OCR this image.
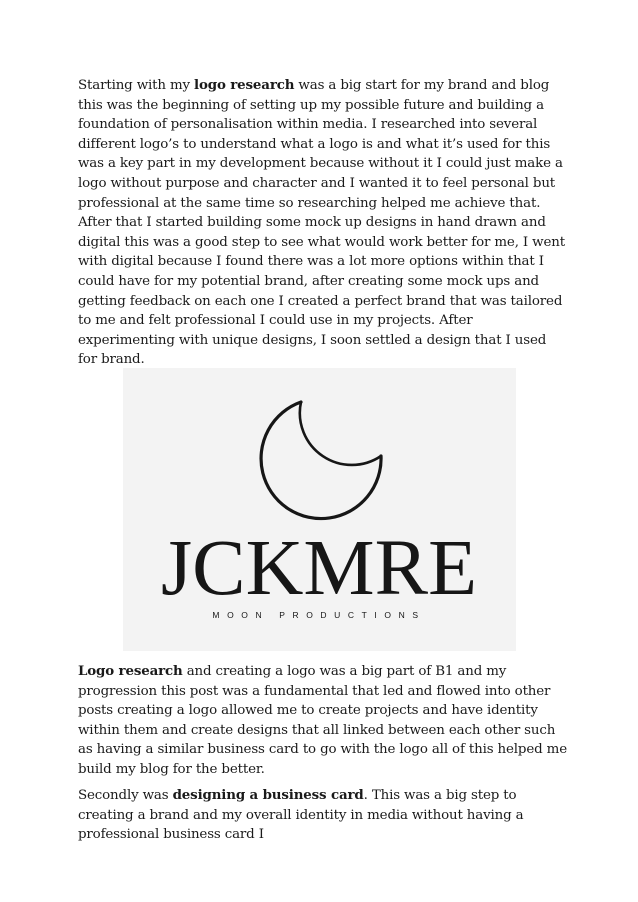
Starting with my logo research was a big start for my brand and blog this was the beginning of setting up my possible future and building a foundation of personalisation within media. I researched into several different logo’s to understand what a logo is and what it’s used for this was a key part in my development because without it I could just make a logo without purpose and character and I wanted it to feel personal but professional at the same time so researching helped me achieve that. After that I started building some mock up designs in hand drawn and digital this was a good step to see what would work better for me, I went with digital because I found there was a lot more options within that I could have for my potential brand, after creating some mock ups and getting feedback on each one I created a perfect brand that was tailored to me and felt professional I could use in my projects. After experimenting with unique designs, I soon settled a design that I used for brand.

JCKMRE
MOON PRODUCTIONS

Logo research and creating a logo was a big part of B1 and my progression this post was a fundamental that led and flowed into other posts creating a logo allowed me to create projects and have identity within them and create designs that all linked between each other such as having a similar business card to go with the logo all of this helped me build my blog for the better.

Secondly was designing a business card. This was a big step to creating a brand and my overall identity in media without having a professional business card I
